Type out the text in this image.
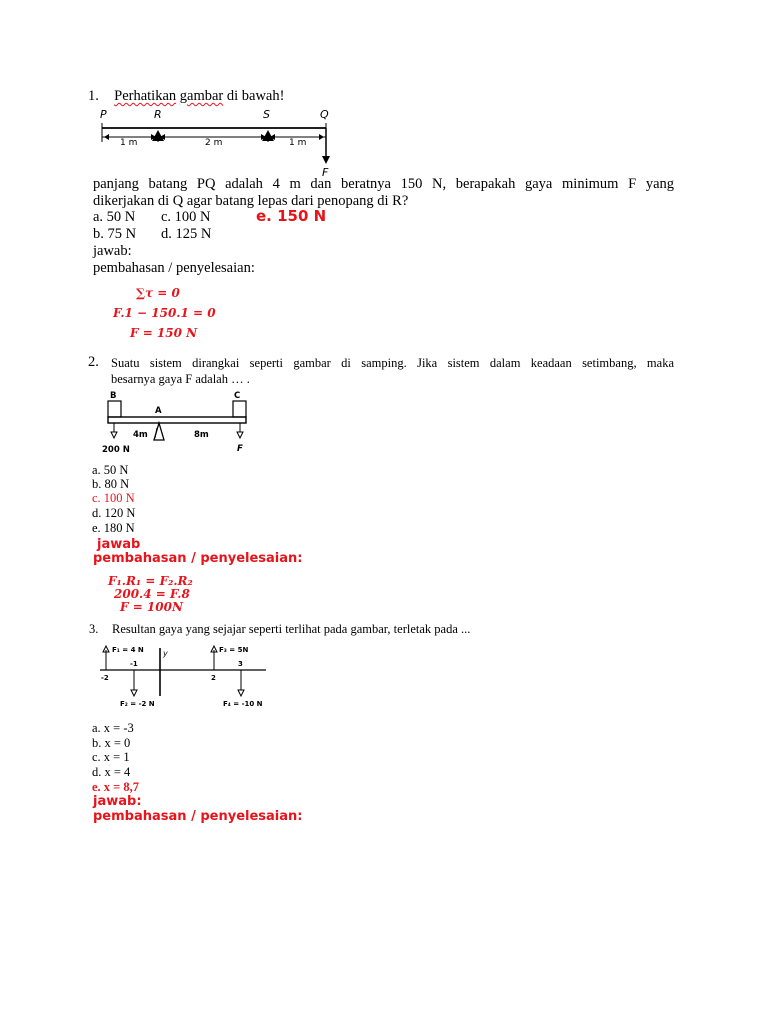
1. Perhatikan gambar di bawah!
P	R	S	Q
1 m	2 m	1 m
F
panjang batang PQ adalah 4 m dan beratnya 150 N, berapakah gaya minimum F yang
dikerjakan di Q agar batang lepas dari penopang di R?
a. 50 N c. 100 N	e. 150 N
b. 75 N d. 125 N
jawab:
pembahasan / penyelesaian:
∑τ = 0
F.1 − 150.1 = 0
F = 150 N
2. Suatu sistem dirangkai seperti gambar di samping. Jika sistem dalam keadaan setimbang, maka
besarnya gaya F adalah … .
B
A
C
4m	8m
200 N	F
a. 50 N
b. 80 N
c. 100 N
d. 120 N
e. 180 N
jawab
pembahasan / penyelesaian:
F₁.R₁ = F₂.R₂
200.4 = F.8
F = 100N
3. Resultan gaya yang sejajar seperti terlihat pada gambar, terletak pada ...
y
F₁ = 4 N	F₃ = 5N
F₂ = -2 N	F₄ = -10 N
-2
-1
2
3
a. x = -3
b. x = 0
c. x = 1
d. x = 4
e. x = 8,7
jawab:
pembahasan / penyelesaian:
